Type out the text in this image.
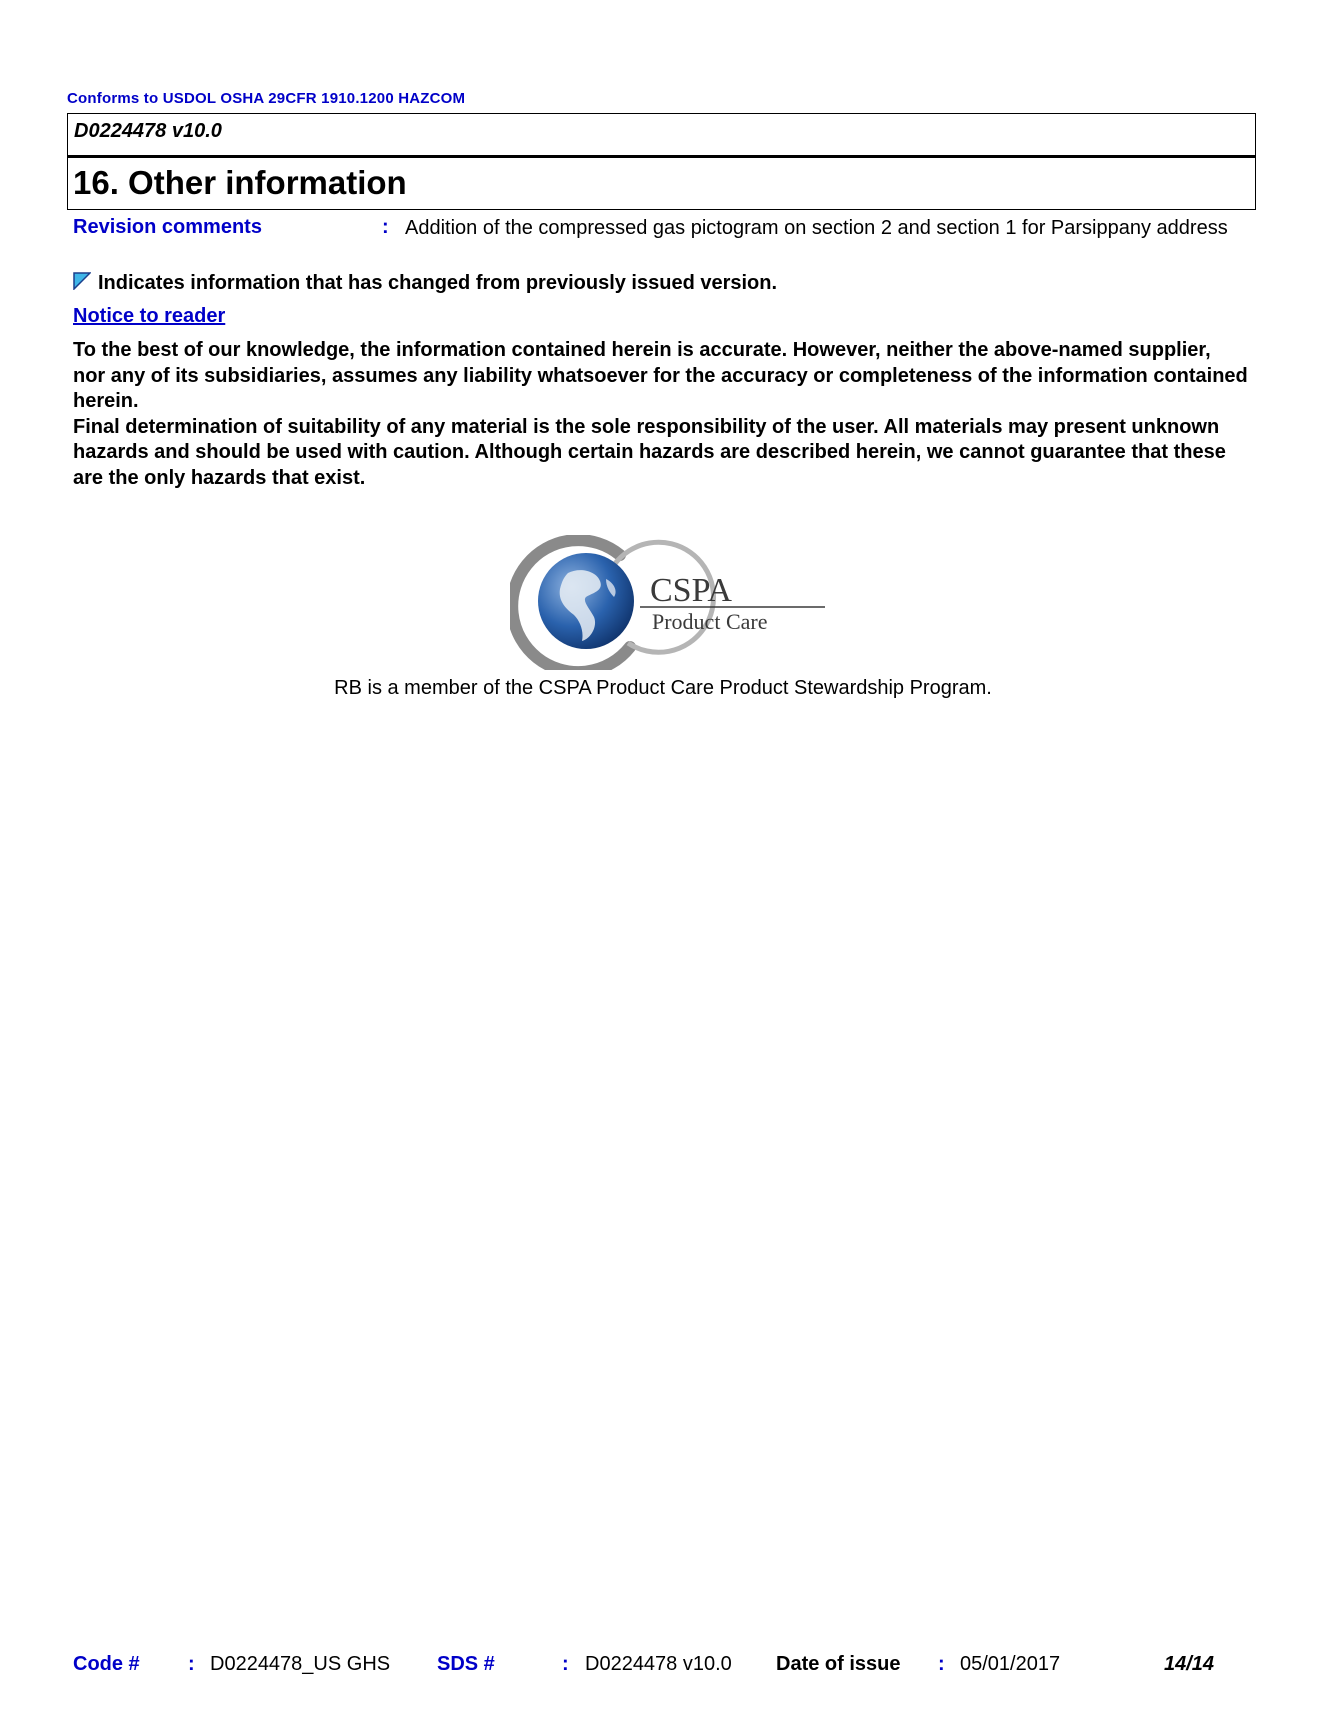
Conforms to USDOL OSHA 29CFR 1910.1200 HAZCOM
D0224478 v10.0
16. Other information
Revision comments	: Addition of the compressed gas pictogram on section 2 and section 1 for Parsippany address
Indicates information that has changed from previously issued version.
Notice to reader

To the best of our knowledge, the information contained herein is accurate. However, neither the above-named supplier, nor any of its subsidiaries, assumes any liability whatsoever for the accuracy or completeness of the information contained herein.

Final determination of suitability of any material is the sole responsibility of the user. All materials may present unknown hazards and should be used with caution. Although certain hazards are described herein, we cannot guarantee that these are the only hazards that exist.

CSPA
Product Care
RB is a member of the CSPA Product Care Product Stewardship Program.
Code # : D0224478_US GHS SDS #	: D0224478 v10.0 Date of issue : 05/01/2017	14/14
